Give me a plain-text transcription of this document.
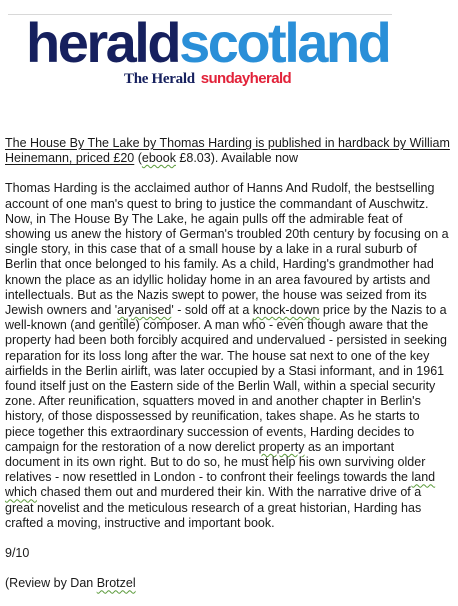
heraldscotland
The Herald sundayherald

The House By The Lake by Thomas Harding is published in hardback by William Heinemann, priced £20 (ebook £8.03). Available now

Thomas Harding is the acclaimed author of Hanns And Rudolf, the bestselling account of one man's quest to bring to justice the commandant of Auschwitz. Now, in The House By The Lake, he again pulls off the admirable feat of showing us anew the history of German's troubled 20th century by focusing on a single story, in this case that of a small house by a lake in a rural suburb of Berlin that once belonged to his family. As a child, Harding's grandmother had known the place as an idyllic holiday home in an area favoured by artists and intellectuals. But as the Nazis swept to power, the house was seized from its Jewish owners and 'aryanised' - sold off at a knock-down price by the Nazis to a well-known (and gentile) composer. A man who - even though aware that the property had been both forcibly acquired and undervalued - persisted in seeking reparation for its loss long after the war. The house sat next to one of the key airfields in the Berlin airlift, was later occupied by a Stasi informant, and in 1961 found itself just on the Eastern side of the Berlin Wall, within a special security zone. After reunification, squatters moved in and another chapter in Berlin's history, of those dispossessed by reunification, takes shape. As he starts to piece together this extraordinary succession of events, Harding decides to campaign for the restoration of a now derelict property as an important document in its own right. But to do so, he must help his own surviving older relatives - now resettled in London - to confront their feelings towards the land which chased them out and murdered their kin. With the narrative drive of a great novelist and the meticulous research of a great historian, Harding has crafted a moving, instructive and important book.

9/10

(Review by Dan Brotzel
